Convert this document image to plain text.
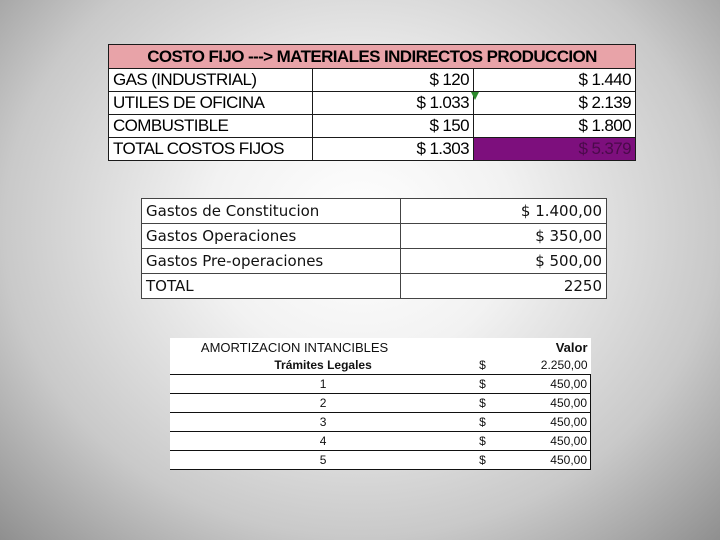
COSTO FIJO ---> MATERIALES INDIRECTOS PRODUCCION		
GAS (INDUSTRIAL)	$ 120	$ 1.440
UTILES DE OFICINA	$ 1.033	$ 2.139
COMBUSTIBLE	$ 150	$ 1.800
TOTAL COSTOS FIJOS	$ 1.303	$ 5.379
Gastos de Constitucion	$ 1.400,00
Gastos Operaciones	$ 350,00
Gastos Pre-operaciones	$ 500,00
TOTAL	2250
AMORTIZACION INTANCIBLES		Valor
Trámites Legales	$	2.250,00
1	$	450,00
2	$	450,00
3	$	450,00
4	$	450,00
5	$	450,00
